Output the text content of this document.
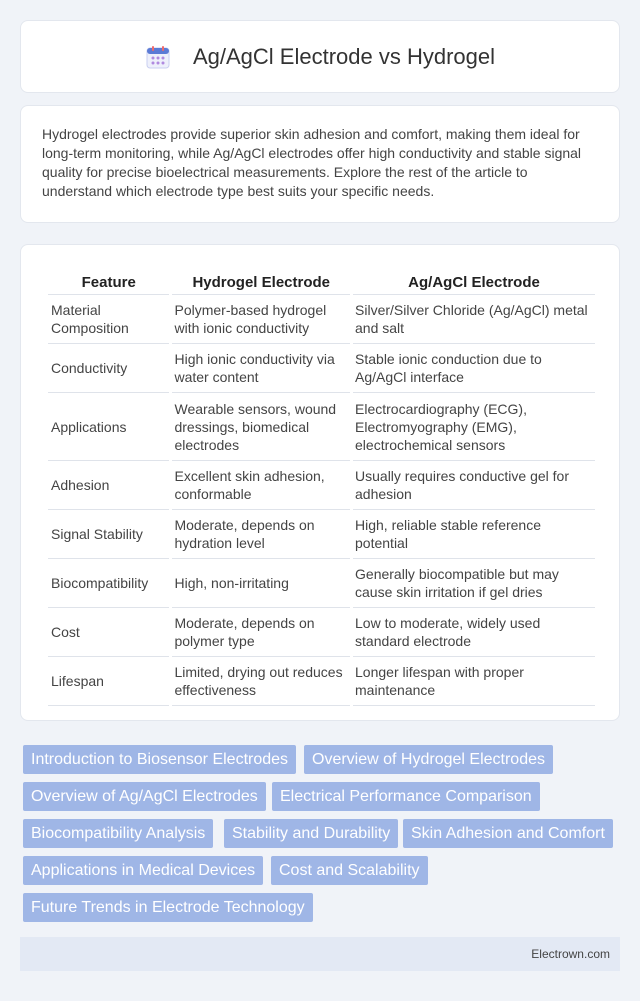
Ag/AgCl Electrode vs Hydrogel

Hydrogel electrodes provide superior skin adhesion and comfort, making them ideal for long-term monitoring, while Ag/AgCl electrodes offer high conductivity and stable signal quality for precise bioelectrical measurements. Explore the rest of the article to understand which electrode type best suits your specific needs.

Feature	Hydrogel Electrode	Ag/AgCl Electrode
Material Composition	Polymer-based hydrogel with ionic conductivity	Silver/Silver Chloride (Ag/AgCl) metal and salt
Conductivity	High ionic conductivity via water content	Stable ionic conduction due to Ag/AgCl interface
Applications	Wearable sensors, wound dressings, biomedical electrodes	Electrocardiography (ECG), Electromyography (EMG), electrochemical sensors
Adhesion	Excellent skin adhesion, conformable	Usually requires conductive gel for adhesion
Signal Stability	Moderate, depends on hydration level	High, reliable stable reference potential
Biocompatibility	High, non-irritating	Generally biocompatible but may cause skin irritation if gel dries
Cost	Moderate, depends on polymer type	Low to moderate, widely used standard electrode
Lifespan	Limited, drying out reduces effectiveness	Longer lifespan with proper maintenance
Introduction to Biosensor Electrodes	Overview of Hydrogel Electrodes
Overview of Ag/AgCl Electrodes	Electrical Performance Comparison
Biocompatibility Analysis	Stability and Durability	Skin Adhesion and Comfort
Applications in Medical Devices	Cost and Scalability
Future Trends in Electrode Technology
Electrown.com
